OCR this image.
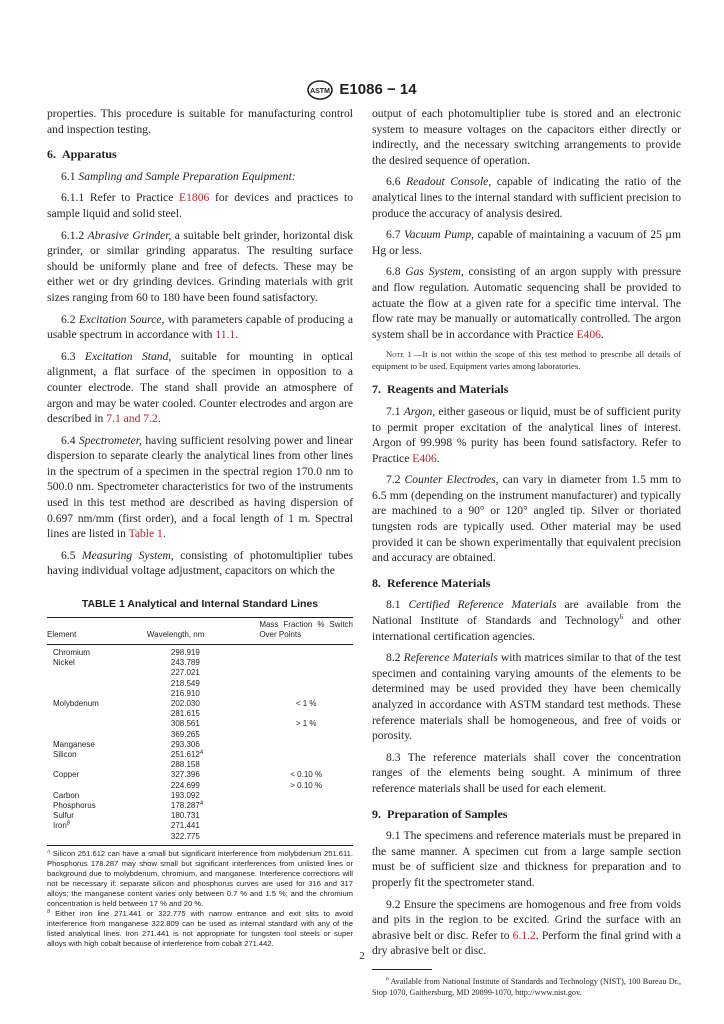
ASTM E1086 − 14

properties. This procedure is suitable for manufacturing control and inspection testing.

6. Apparatus

6.1 Sampling and Sample Preparation Equipment:

6.1.1 Refer to Practice E1806 for devices and practices to sample liquid and solid steel.

6.1.2 Abrasive Grinder, a suitable belt grinder, horizontal disk grinder, or similar grinding apparatus. The resulting surface should be uniformly plane and free of defects. These may be either wet or dry grinding devices. Grinding materials with grit sizes ranging from 60 to 180 have been found satisfactory.

6.2 Excitation Source, with parameters capable of producing a usable spectrum in accordance with 11.1.

6.3 Excitation Stand, suitable for mounting in optical alignment, a flat surface of the specimen in opposition to a counter electrode. The stand shall provide an atmosphere of argon and may be water cooled. Counter electrodes and argon are described in 7.1 and 7.2.

6.4 Spectrometer, having sufficient resolving power and linear dispersion to separate clearly the analytical lines from other lines in the spectrum of a specimen in the spectral region 170.0 nm to 500.0 nm. Spectrometer characteristics for two of the instruments used in this test method are described as having dispersion of 0.697 nm/mm (first order), and a focal length of 1 m. Spectral lines are listed in Table 1.

6.5 Measuring System, consisting of photomultiplier tubes having individual voltage adjustment, capacitors on which the

TABLE 1 Analytical and Internal Standard Lines
Element	Wavelength, nm	Mass Fraction % Switch Over Points
Chromium	298.919	
Nickel	243.789	
	227.021	
	218.549	
	216.910	
Molybdenum	202.030	< 1 %
	281.615	
	308.561	> 1 %
	369.265	
Manganese	293.306	
Silicon	$251.612^A$	
	288.158	
Copper	327.396	< 0.10 %
	224.699	> 0.10 %
Carbon	193.092	
Phosphorus	$178.287^A$	
Sulfur	180.731	
Iron$^B$	271.441	
	322.775	

$^A$ Silicon 251.612 can have a small but significant interference from molybdenum 251.611. Phosphorus 178.287 may show small but significant interferences from unlisted lines or background due to molybdenum, chromium, and manganese. Interference corrections will not be necessary if: separate silicon and phosphorus curves are used for 316 and 317 alloys; the manganese content varies only between 0.7 % and 1.5 %; and the chromium concentration is held between 17 % and 20 %.

$^B$ Either iron line 271.441 or 322.775 with narrow entrance and exit slits to avoid interference from manganese 322.809 can be used as internal standard with any of the listed analytical lines. Iron 271.441 is not appropriate for tungsten tool steels or super alloys with high cobalt because of interference from cobalt 271.442.

output of each photomultiplier tube is stored and an electronic system to measure voltages on the capacitors either directly or indirectly, and the necessary switching arrangements to provide the desired sequence of operation.

6.6 Readout Console, capable of indicating the ratio of the analytical lines to the internal standard with sufficient precision to produce the accuracy of analysis desired.

6.7 Vacuum Pump, capable of maintaining a vacuum of 25 µm Hg or less.

6.8 Gas System, consisting of an argon supply with pressure and flow regulation. Automatic sequencing shall be provided to actuate the flow at a given rate for a specific time interval. The flow rate may be manually or automatically controlled. The argon system shall be in accordance with Practice E406.

Note 1 —It is not within the scope of this test method to prescribe all details of equipment to be used. Equipment varies among laboratories.

7. Reagents and Materials

7.1 Argon, either gaseous or liquid, must be of sufficient purity to permit proper excitation of the analytical lines of interest. Argon of 99.998 % purity has been found satisfactory. Refer to Practice E406.

7.2 Counter Electrodes, can vary in diameter from 1.5 mm to 6.5 mm (depending on the instrument manufacturer) and typically are machined to a 90° or 120° angled tip. Silver or thoriated tungsten rods are typically used. Other material may be used provided it can be shown experimentally that equivalent precision and accuracy are obtained.

8. Reference Materials

8.1 Certified Reference Materials are available from the National Institute of Standards and Technology$^6$ and other international certification agencies.

8.2 Reference Materials with matrices similar to that of the test specimen and containing varying amounts of the elements to be determined may be used provided they have been chemically analyzed in accordance with ASTM standard test methods. These reference materials shall be homogeneous, and free of voids or porosity.

8.3 The reference materials shall cover the concentration ranges of the elements being sought. A minimum of three reference materials shall be used for each element.

9. Preparation of Samples

9.1 The specimens and reference materials must be prepared in the same manner. A specimen cut from a large sample section must be of sufficient size and thickness for preparation and to properly fit the spectrometer stand.

9.2 Ensure the specimens are homogenous and free from voids and pits in the region to be excited. Grind the surface with an abrasive belt or disc. Refer to 6.1.2. Perform the final grind with a dry abrasive belt or disc.

$^6$ Available from National Institute of Standards and Technology (NIST), 100 Bureau Dr., Stop 1070, Gaithersburg, MD 20899-1070, http://www.nist.gov.

2
